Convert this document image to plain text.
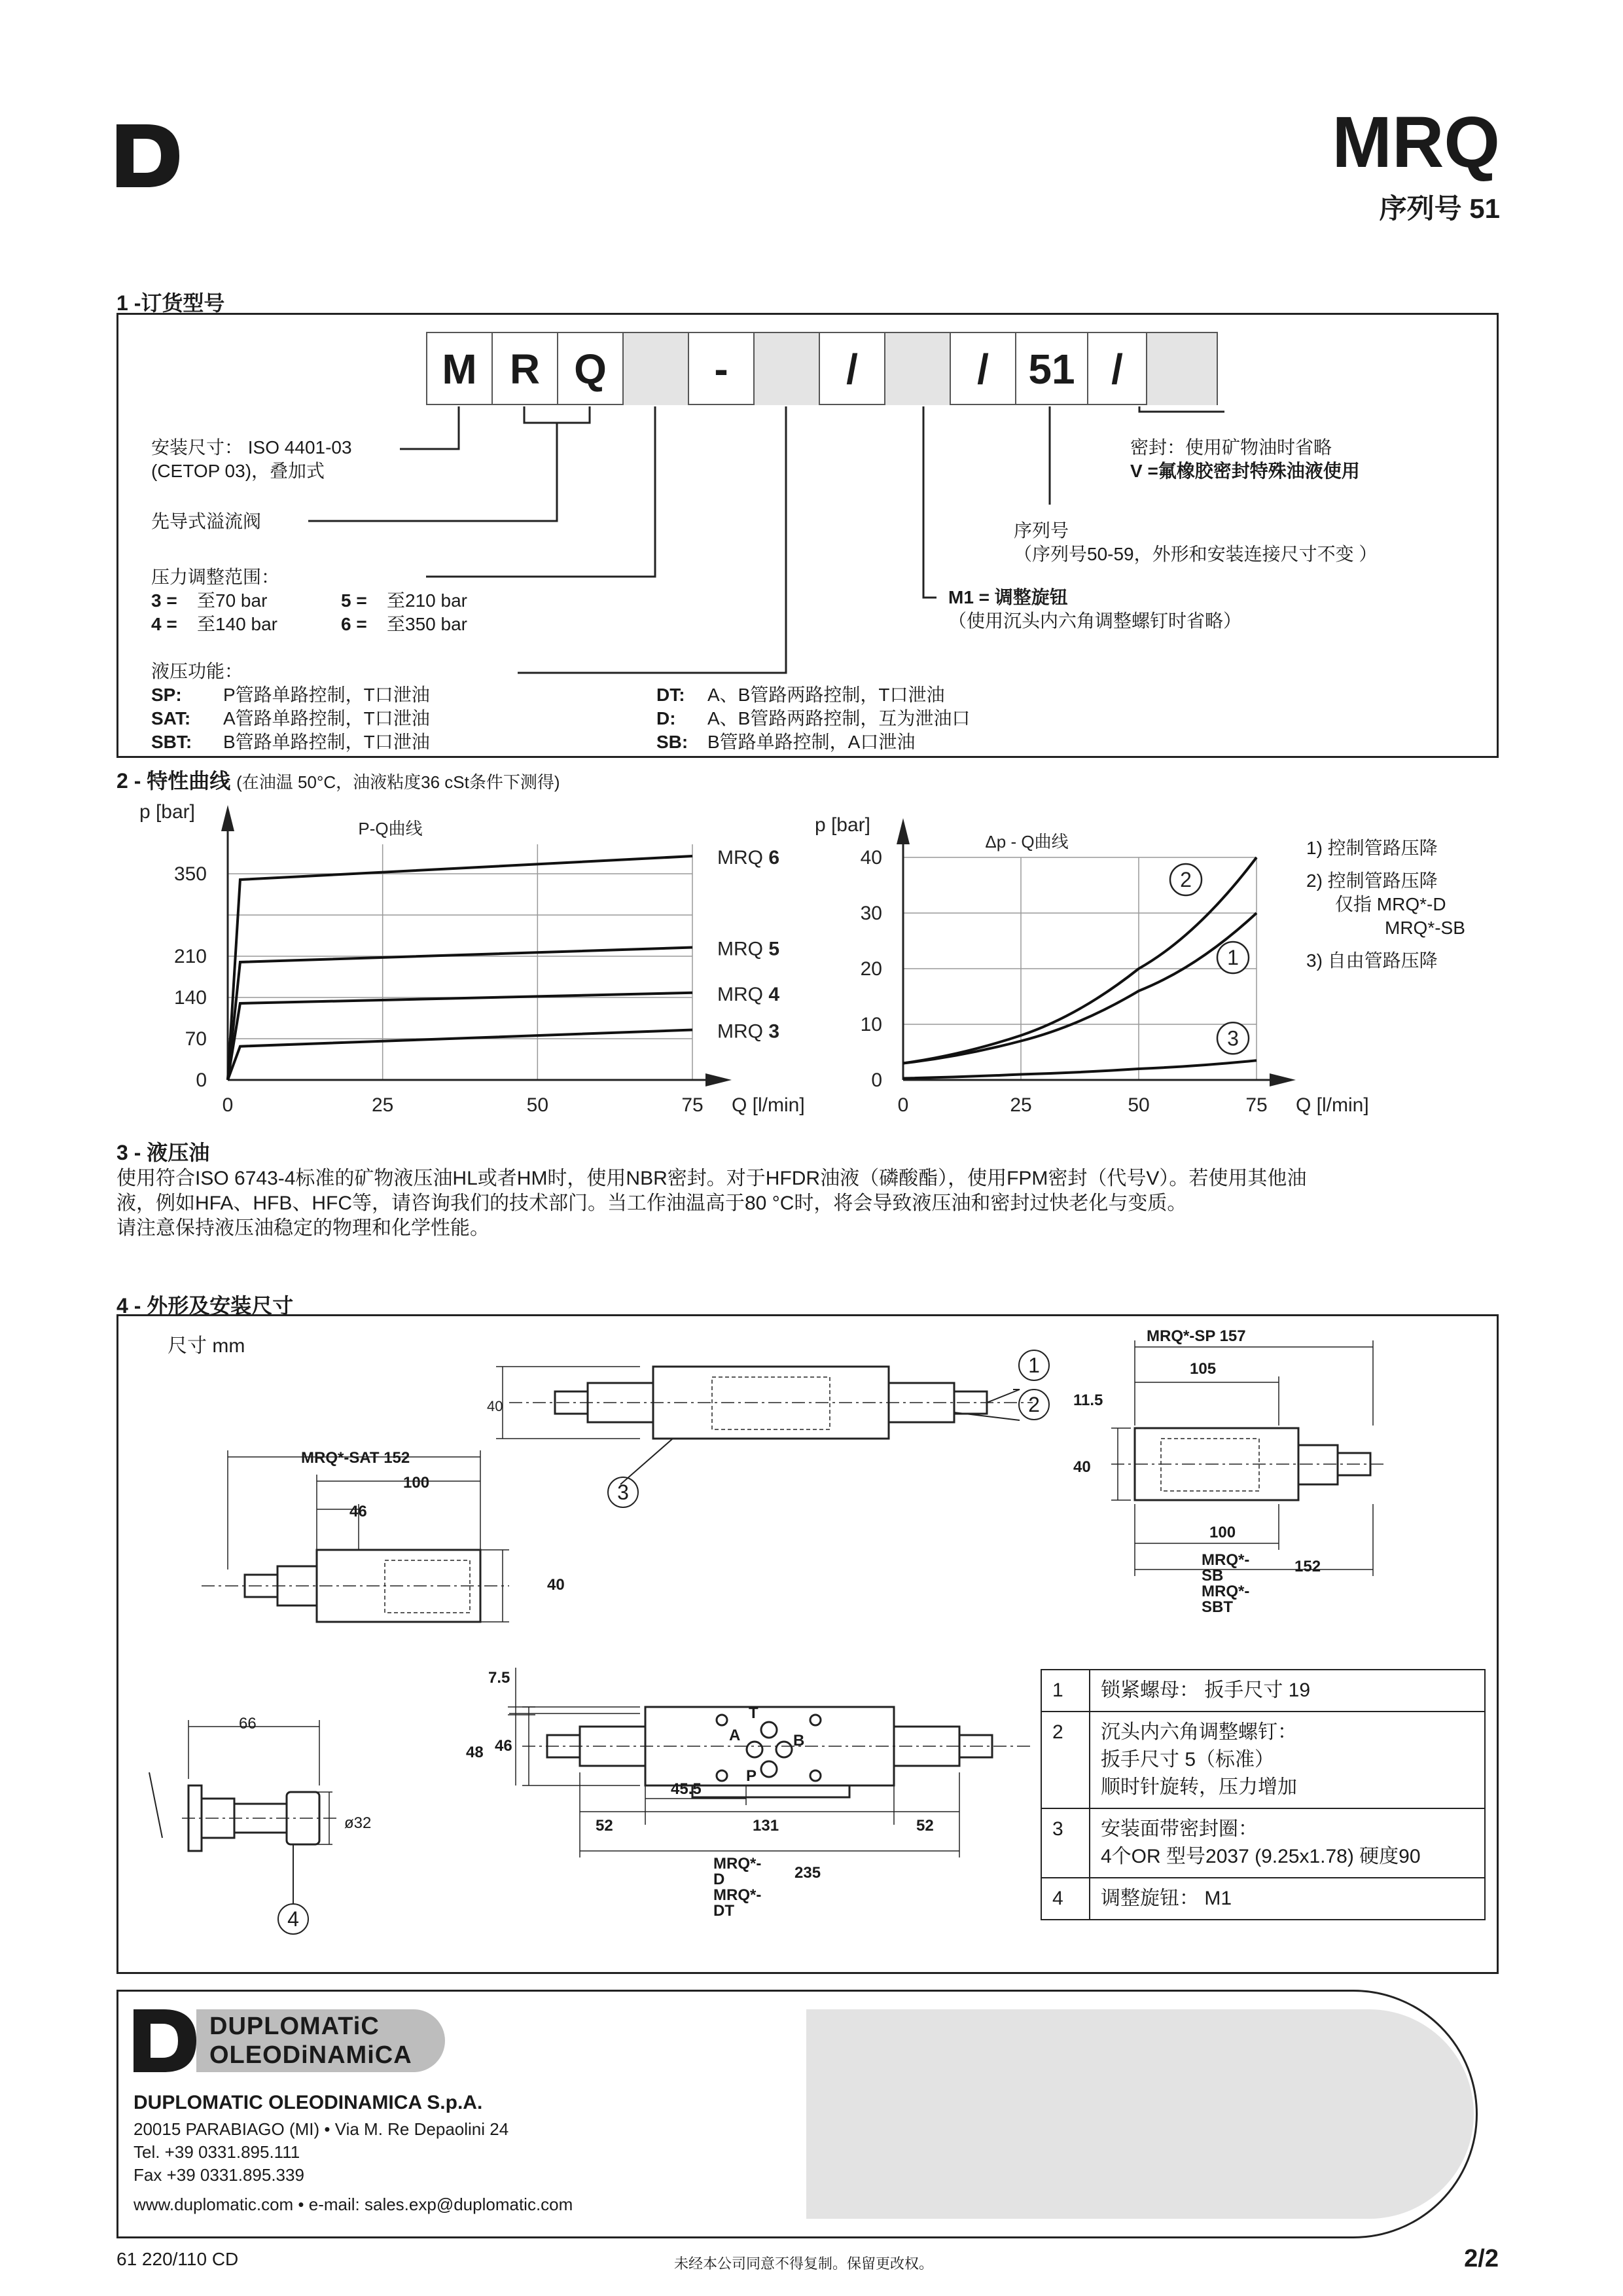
MRQ
序列号 51
1 -订货型号
M R Q	-	/	/ 51 /
安装尺寸： ISO 4401-03
(CETOP 03)，叠加式
先导式溢流阀
压力调整范围：
3 = 至70 bar	5 = 至210 bar
4 = 至140 bar	6 = 至350 bar
液压功能：
SP: P管路单路控制，T口泄油	DT: A、B管路两路控制，T口泄油
SAT: A管路单路控制，T口泄油	D: A、B管路两路控制，互为泄油口
SBT: B管路单路控制，T口泄油	SB: B管路单路控制，A口泄油
密封：使用矿物油时省略
V =氟橡胶密封特殊油液使用
序列号
（序列号50-59，外形和安装连接尺寸不变 ）
M1 = 调整旋钮
（使用沉头内六角调整螺钉时省略）
2 - 特性曲线 (在油温 50°C，油液粘度36 cSt条件下测得)
0	25	50	75
0
70
140
210
350
Q [l/min]
p [bar]
P-Q曲线
MRQ 6
MRQ 5
MRQ 4
MRQ 3
0	25	50	75
0
10
20
30
40
Q [l/min]
p [bar]
Δp - Q曲线
2
1
3
1) 控制管路压降
2) 控制管路压降
仅指 MRQ*-D
MRQ*-SB
3) 自由管路压降
3 - 液压油
使用符合ISO 6743-4标准的矿物液压油HL或者HM时，使用NBR密封。对于HFDR油液（磷酸酯），使用FPM密封（代号V）。若使用其他油
液，例如HFA、HFB、HFC等，请咨询我们的技术部门。当工作油温高于80 °C时，将会导致液压油和密封过快老化与变质。
请注意保持液压油稳定的物理和化学性能。
4 - 外形及安装尺寸
尺寸 mm
40
MRQ*-SP 157
105
11.5
40
100
MRQ*-SB
MRQ*-SBT
152
MRQ*-SAT 152
100
46
40
7.5
48 46
45.5
52	131	52
MRQ*-D
MRQ*-DT
235
T
A	B
P
66
ø32
1
2
3
4
1	锁紧螺母： 扳手尺寸 19

2	沉头内六角调整螺钉：
扳手尺寸 5（标准）
顺时针旋转，压力增加

3	安装面带密封圈：
4个OR 型号2037 (9.25x1.78) 硬度90

4	调整旋钮： M1
DUPLOMATiC
OLEODiNAMiCA
DUPLOMATIC OLEODINAMICA S.p.A.
20015 PARABIAGO (MI) • Via M. Re Depaolini 24
Tel. +39 0331.895.111
Fax +39 0331.895.339
www.duplomatic.com • e-mail: sales.exp@duplomatic.com
61 220/110 CD	未经本公司同意不得复制。保留更改权。	2/2
